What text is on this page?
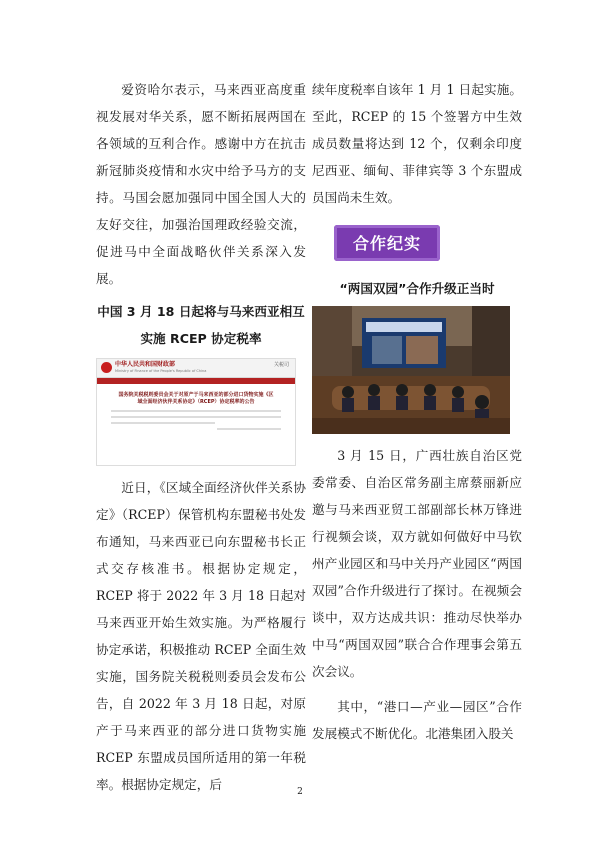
爱资哈尔表示，马来西亚高度重视发展对华关系，愿不断拓展两国在各领域的互利合作。感谢中方在抗击新冠肺炎疫情和水灾中给予马方的支持。马国会愿加强同中国全国人大的友好交往，加强治国理政经验交流，促进马中全面战略伙伴关系深入发展。

中国 3 月 18 日起将与马来西亚相互实施 RCEP 协定税率
中华人民共和国财政部
Ministry of Finance of the People's Republic of China
关税司
国务院关税税则委员会关于对原产于马来西亚的部分进口货物实施《区域全面经济伙伴关系协定》（RCEP）协定税率的公告

近日，《区域全面经济伙伴关系协定》（RCEP）保管机构东盟秘书处发布通知，马来西亚已向东盟秘书长正式交存核准书。根据协定规定，RCEP 将于 2022 年 3 月 18 日起对马来西亚开始生效实施。为严格履行协定承诺，积极推动 RCEP 全面生效实施，国务院关税税则委员会发布公告，自 2022 年 3 月 18 日起，对原产于马来西亚的部分进口货物实施 RCEP 东盟成员国所适用的第一年税率。根据协定规定，后

续年度税率自该年 1 月 1 日起实施。至此，RCEP 的 15 个签署方中生效成员数量将达到 12 个，仅剩余印度尼西亚、缅甸、菲律宾等 3 个东盟成员国尚未生效。

合作纪实
“两国双园”合作升级正当时

3 月 15 日，广西壮族自治区党委常委、自治区常务副主席蔡丽新应邀与马来西亚贸工部副部长林万锋进行视频会谈，双方就如何做好中马钦州产业园区和马中关丹产业园区“两国双园”合作升级进行了探讨。在视频会谈中，双方达成共识：推动尽快举办中马“两国双园”联合合作理事会第五次会议。

其中，“港口—产业—园区”合作发展模式不断优化。北港集团入股关

2
